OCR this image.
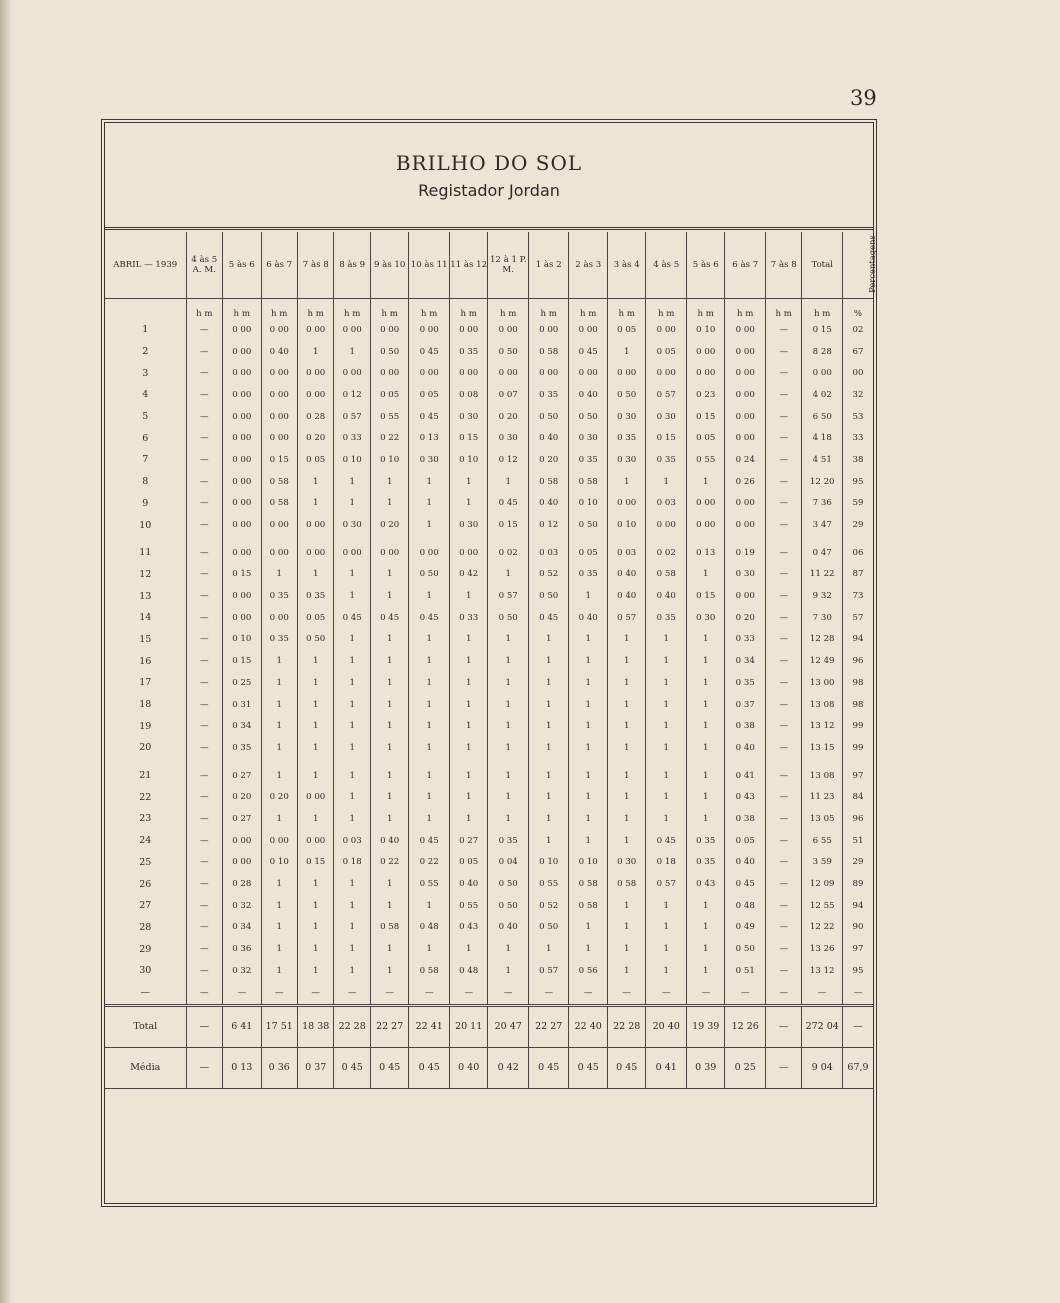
39
BRILHO DO SOL
Registador Jordan
ABRIL — 1939	4 às 5 A. M.	5 às 6	6 às 7	7 às 8	8 às 9	9 às 10	10 às 11	11 às 12	12 à 1 P. M.	1 às 2	2 às 3	3 às 4	4 às 5	5 às 6	6 às 7	7 às 8	Total	Percentagens
	h m	h m	h m	h m	h m	h m	h m	h m	h m	h m	h m	h m	h m	h m	h m	h m	h m	%
1	—	0 00	0 00	0 00	0 00	0 00	0 00	0 00	0 00	0 00	0 00	0 05	0 00	0 10	0 00	—	0 15	02
2	—	0 00	0 40	1	1	0 50	0 45	0 35	0 50	0 58	0 45	1	0 05	0 00	0 00	—	8 28	67
3	—	0 00	0 00	0 00	0 00	0 00	0 00	0 00	0 00	0 00	0 00	0 00	0 00	0 00	0 00	—	0 00	00
4	—	0 00	0 00	0 00	0 12	0 05	0 05	0 08	0 07	0 35	0 40	0 50	0 57	0 23	0 00	—	4 02	32
5	—	0 00	0 00	0 28	0 57	0 55	0 45	0 30	0 20	0 50	0 50	0 30	0 30	0 15	0 00	—	6 50	53
6	—	0 00	0 00	0 20	0 33	0 22	0 13	0 15	0 30	0 40	0 30	0 35	0 15	0 05	0 00	—	4 18	33
7	—	0 00	0 15	0 05	0 10	0 10	0 30	0 10	0 12	0 20	0 35	0 30	0 35	0 55	0 24	—	4 51	38
8	—	0 00	0 58	1	1	1	1	1	1	0 58	0 58	1	1	1	0 26	—	12 20	95
9	—	0 00	0 58	1	1	1	1	1	0 45	0 40	0 10	0 00	0 03	0 00	0 00	—	7 36	59
10	—	0 00	0 00	0 00	0 30	0 20	1	0 30	0 15	0 12	0 50	0 10	0 00	0 00	0 00	—	3 47	29

11	—	0 00	0 00	0 00	0 00	0 00	0 00	0 00	0 02	0 03	0 05	0 03	0 02	0 13	0 19	—	0 47	06
12	—	0 15	1	1	1	1	0 50	0 42	1	0 52	0 35	0 40	0 58	1	0 30	—	11 22	87
13	—	0 00	0 35	0 35	1	1	1	1	0 57	0 50	1	0 40	0 40	0 15	0 00	—	9 32	73
14	—	0 00	0 00	0 05	0 45	0 45	0 45	0 33	0 50	0 45	0 40	0 57	0 35	0 30	0 20	—	7 30	57
15	—	0 10	0 35	0 50	1	1	1	1	1	1	1	1	1	1	0 33	—	12 28	94
16	—	0 15	1	1	1	1	1	1	1	1	1	1	1	1	0 34	—	12 49	96
17	—	0 25	1	1	1	1	1	1	1	1	1	1	1	1	0 35	—	13 00	98
18	—	0 31	1	1	1	1	1	1	1	1	1	1	1	1	0 37	—	13 08	98
19	—	0 34	1	1	1	1	1	1	1	1	1	1	1	1	0 38	—	13 12	99
20	—	0 35	1	1	1	1	1	1	1	1	1	1	1	1	0 40	—	13 15	99

21	—	0 27	1	1	1	1	1	1	1	1	1	1	1	1	0 41	—	13 08	97
22	—	0 20	0 20	0 00	1	1	1	1	1	1	1	1	1	1	0 43	—	11 23	84
23	—	0 27	1	1	1	1	1	1	1	1	1	1	1	1	0 38	—	13 05	96
24	—	0 00	0 00	0 00	0 03	0 40	0 45	0 27	0 35	1	1	1	0 45	0 35	0 05	—	6 55	51
25	—	0 00	0 10	0 15	0 18	0 22	0 22	0 05	0 04	0 10	0 10	0 30	0 18	0 35	0 40	—	3 59	29
26	—	0 28	1	1	1	1	0 55	0 40	0 50	0 55	0 58	0 58	0 57	0 43	0 45	—	12 09	89
27	—	0 32	1	1	1	1	1	0 55	0 50	0 52	0 58	1	1	1	0 48	—	12 55	94
28	—	0 34	1	1	1	0 58	0 48	0 43	0 40	0 50	1	1	1	1	0 49	—	12 22	90
29	—	0 36	1	1	1	1	1	1	1	1	1	1	1	1	0 50	—	13 26	97
30	—	0 32	1	1	1	1	0 58	0 48	1	0 57	0 56	1	1	1	0 51	—	13 12	95
—	—	—	—	—	—	—	—	—	—	—	—	—	—	—	—	—	—	—
Total	—	6 41	17 51	18 38	22 28	22 27	22 41	20 11	20 47	22 27	22 40	22 28	20 40	19 39	12 26	—	272 04	—
Média	—	0 13	0 36	0 37	0 45	0 45	0 45	0 40	0 42	0 45	0 45	0 45	0 41	0 39	0 25	—	9 04	67,9
